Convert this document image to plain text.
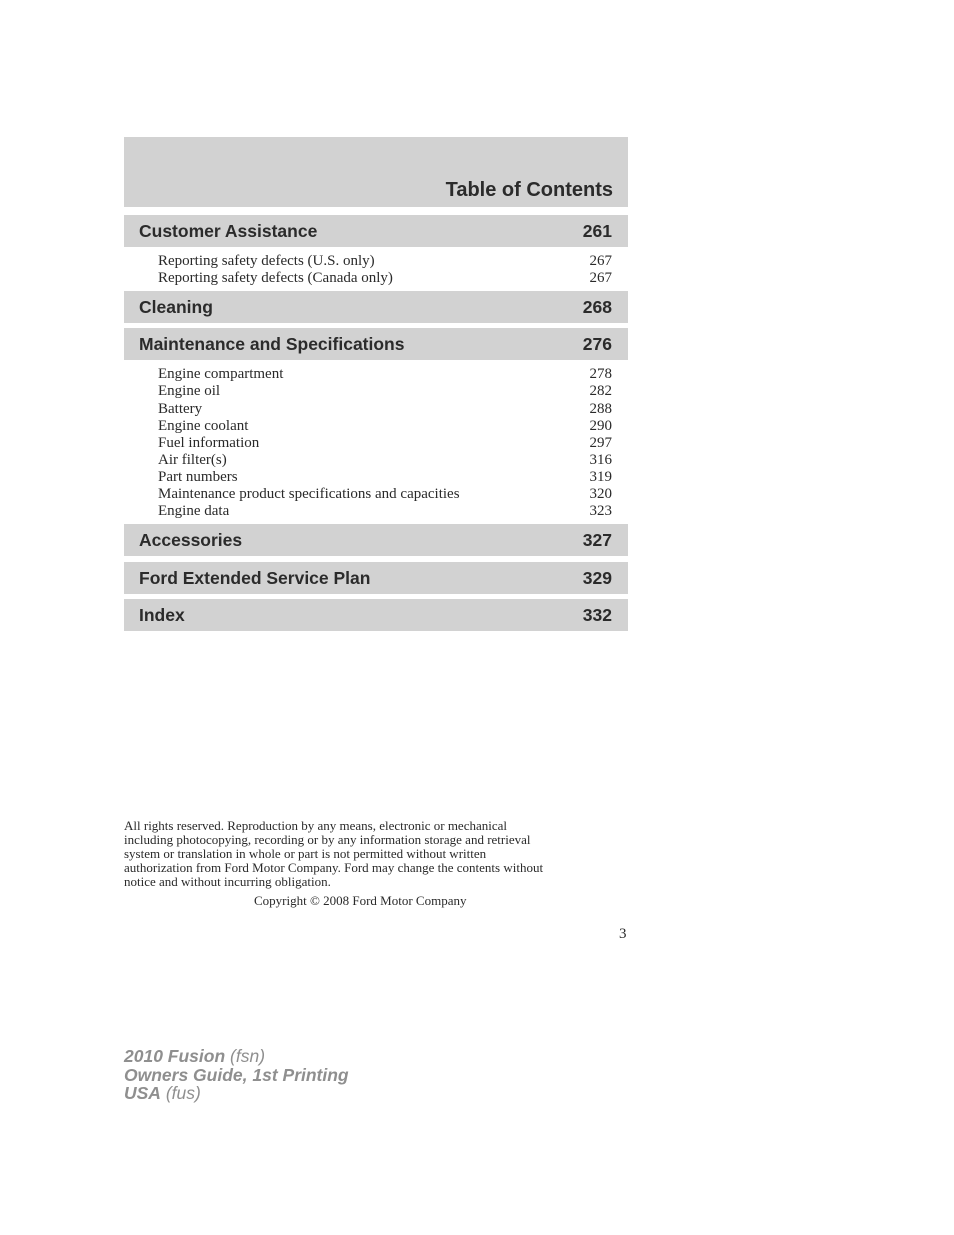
Table of Contents
Customer Assistance	261
Reporting safety defects (U.S. only)	267
Reporting safety defects (Canada only)	267
Cleaning	268
Maintenance and Specifications	276
Engine compartment	278
Engine oil	282
Battery	288
Engine coolant	290
Fuel information	297
Air filter(s)	316
Part numbers	319
Maintenance product specifications and capacities	320
Engine data	323
Accessories	327
Ford Extended Service Plan	329
Index	332
All rights reserved. Reproduction by any means, electronic or mechanical
including photocopying, recording or by any information storage and retrieval
system or translation in whole or part is not permitted without written
authorization from Ford Motor Company. Ford may change the contents without
notice and without incurring obligation.
Copyright © 2008 Ford Motor Company
3
2010 Fusion (fsn)
Owners Guide, 1st Printing
USA (fus)
